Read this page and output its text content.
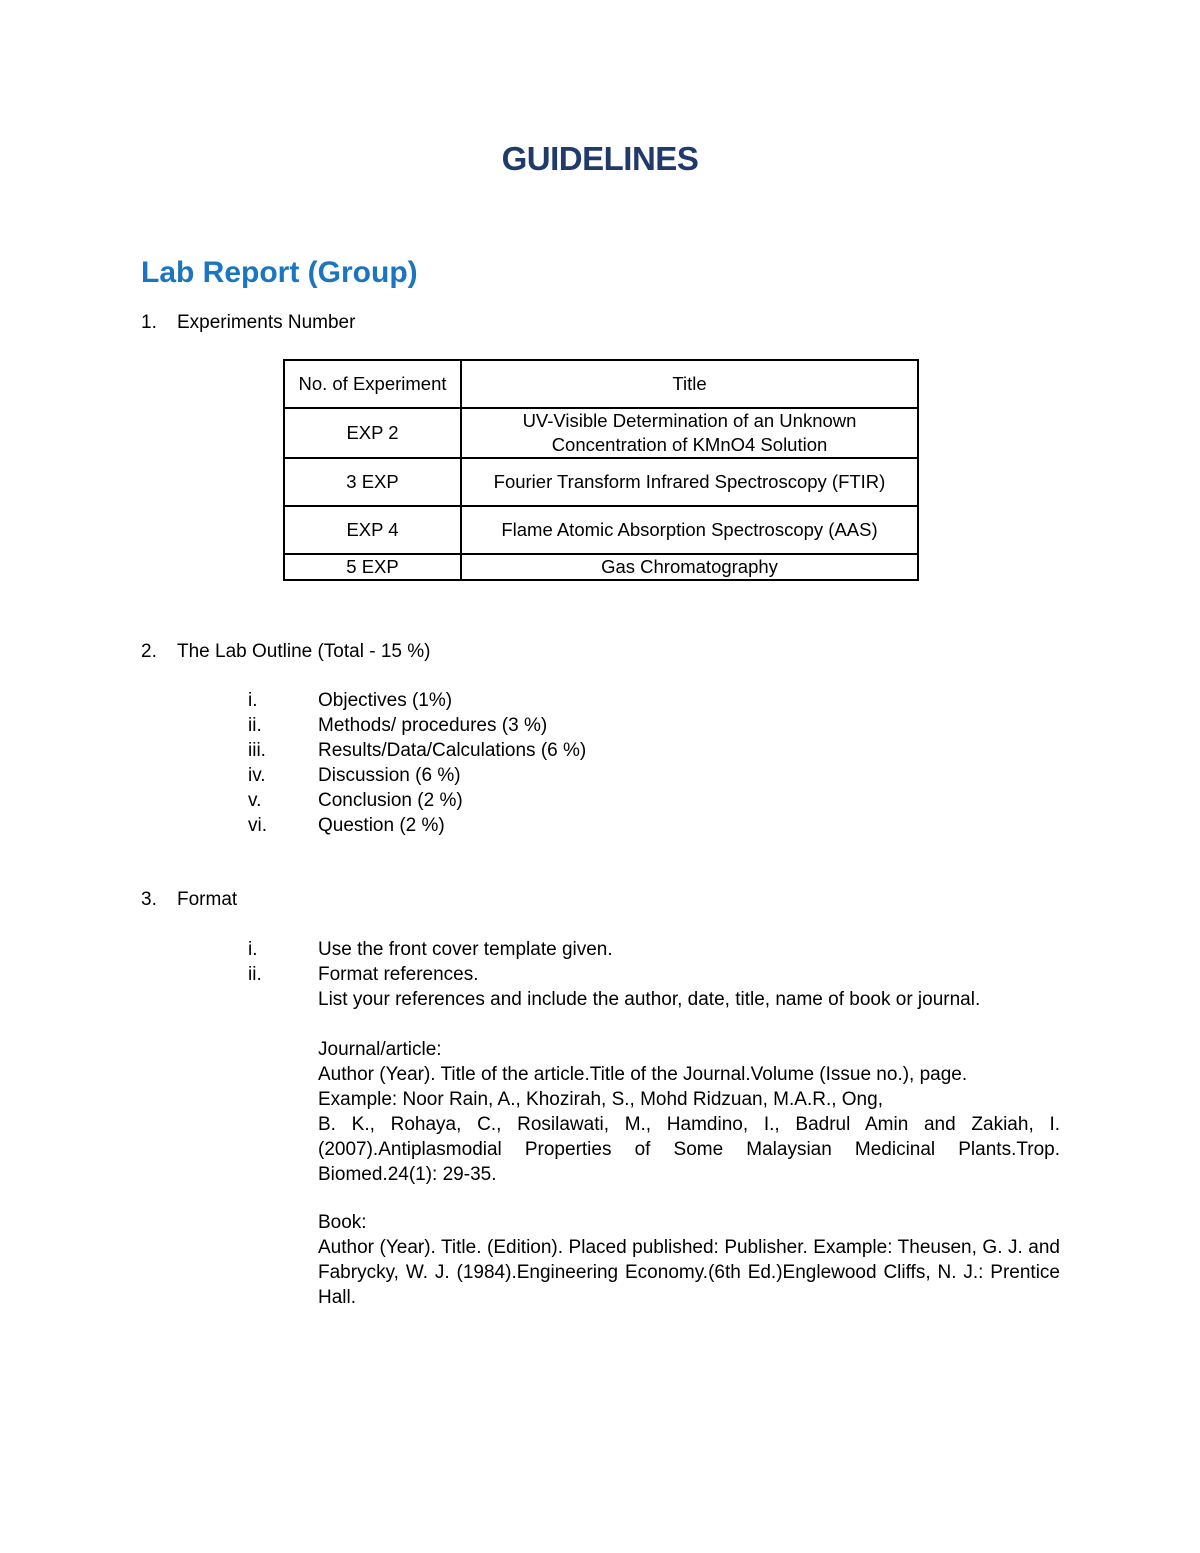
GUIDELINES
Lab Report (Group)
1. Experiments Number
No. of Experiment	Title
EXP 2	UV-Visible Determination of an Unknown Concentration of KMnO4 Solution
3 EXP	Fourier Transform Infrared Spectroscopy (FTIR)
EXP 4	Flame Atomic Absorption Spectroscopy (AAS)
5 EXP	Gas Chromatography
2. The Lab Outline (Total - 15 %)
i.	Objectives (1%)
ii.	Methods/ procedures (3 %)
iii.	Results/Data/Calculations (6 %)
iv.	Discussion (6 %)
v.	Conclusion (2 %)
vi.	Question (2 %)
3. Format
i.	Use the front cover template given.
ii.	Format references.

List your references and include the author, date, title, name of book or journal.

Journal/article:

Author (Year). Title of the article.Title of the Journal.Volume (Issue no.), page.

Example: Noor Rain, A., Khozirah, S., Mohd Ridzuan, M.A.R., Ong,

B. K., Rohaya, C., Rosilawati, M., Hamdino, I., Badrul Amin and Zakiah, I. (2007).Antiplasmodial Properties of Some Malaysian Medicinal Plants.Trop. Biomed.24(1): 29-35.

Book:

Author (Year). Title. (Edition). Placed published: Publisher. Example: Theusen, G. J. and Fabrycky, W. J. (1984).Engineering Economy.(6th Ed.)Englewood Cliffs, N. J.: Prentice Hall.
